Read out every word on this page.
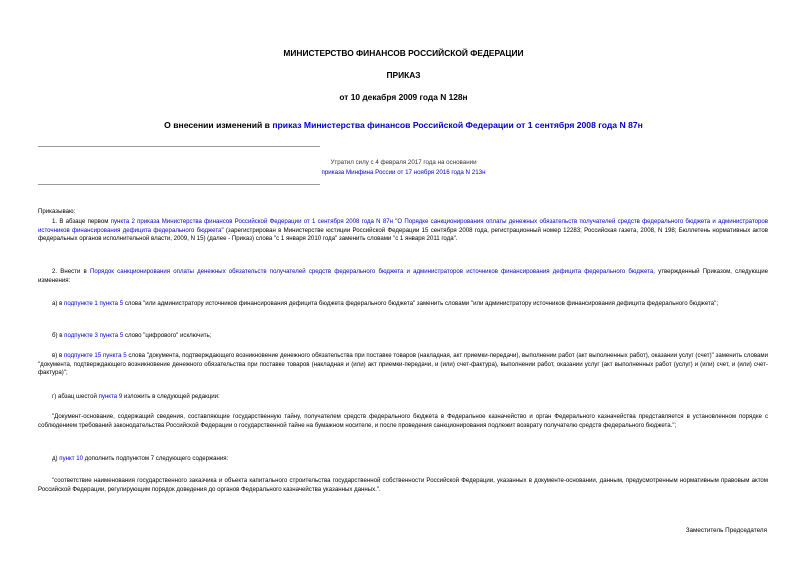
МИНИСТЕРСТВО ФИНАНСОВ РОССИЙСКОЙ ФЕДЕРАЦИИ
ПРИКАЗ
от 10 декабря 2009 года N 128н
О внесении изменений в приказ Министерства финансов Российской Федерации от 1 сентября 2008 года N 87н
Утратил силу с 4 февраля 2017 года на основании
приказа Минфина России от 17 ноября 2016 года N 213н
Приказываю:
1. В абзаце первом пункта 2 приказа Министерства финансов Российской Федерации от 1 сентября 2008 года N 87н "О Порядке санкционирования оплаты денежных обязательств получателей средств федерального бюджета и администраторов источников финансирования дефицита федерального бюджета" (зарегистрирован в Министерстве юстиции Российской Федерации 15 сентября 2008 года, регистрационный номер 12283; Российская газета, 2008, N 198; Бюллетень нормативных актов федеральных органов исполнительной власти, 2009, N 15) (далее - Приказ) слова "с 1 января 2010 года" заменить словами "с 1 января 2011 года".
2. Внести в Порядок санкционирования оплаты денежных обязательств получателей средств федерального бюджета и администраторов источников финансирования дефицита федерального бюджета, утвержденный Приказом, следующие изменения:
а) в подпункте 1 пункта 5 слова "или администратору источников финансирования дефицита бюджета федерального бюджета" заменить словами "или администратору источников финансирования дефицита федерального бюджета";
б) в подпункте 3 пункта 5 слово "цифрового" исключить;
в) в подпункте 15 пункта 5 слова "документа, подтверждающего возникновение денежного обязательства при поставке товаров (накладная, акт приемки-передачи), выполнении работ (акт выполненных работ), оказании услуг (счет)" заменить словами "документа, подтверждающего возникновение денежного обязательства при поставке товаров (накладная и (или) акт приемки-передачи, и (или) счет-фактура), выполнении работ, оказании услуг (акт выполненных работ (услуг) и (или) счет, и (или) счет-фактура)";
г) абзац шестой пункта 9 изложить в следующей редакции:
"Документ-основание, содержащий сведения, составляющие государственную тайну, получателем средств федерального бюджета в Федеральное казначейство и орган Федерального казначейства представляется в установленном порядке с соблюдением требований законодательства Российской Федерации о государственной тайне на бумажном носителе, и после проведения санкционирования подлежит возврату получателю средств федерального бюджета.";
д) пункт 10 дополнить подпунктом 7 следующего содержания:
"соответствие наименования государственного заказчика и объекта капитального строительства государственной собственности Российской Федерации, указанных в документе-основании, данным, предусмотренным нормативным правовым актом Российской Федерации, регулирующим порядок доведения до органов Федерального казначейства указанных данных.".
Заместитель Председателя
